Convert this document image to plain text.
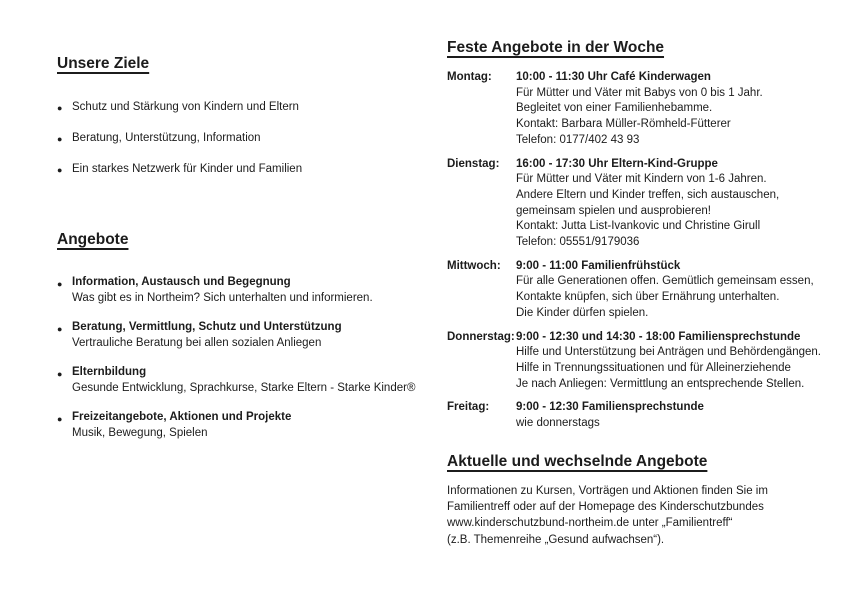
Unsere Ziele
● Schutz und Stärkung von Kindern und Eltern
● Beratung, Unterstützung, Information
● Ein starkes Netzwerk für Kinder und Familien
Angebote
● Information, Austausch und Begegnung
Was gibt es in Northeim? Sich unterhalten und informieren.
● Beratung, Vermittlung, Schutz und Unterstützung
Vertrauliche Beratung bei allen sozialen Anliegen
● Elternbildung
Gesunde Entwicklung, Sprachkurse, Starke Eltern - Starke Kinder®
● Freizeitangebote, Aktionen und Projekte
Musik, Bewegung, Spielen
Feste Angebote in der Woche
Montag:	10:00 - 11:30 Uhr Café Kinderwagen
Für Mütter und Väter mit Babys von 0 bis 1 Jahr.
Begleitet von einer Familienhebamme.
Kontakt: Barbara Müller-Römheld-Fütterer
Telefon: 0177/402 43 93
Dienstag:	16:00 - 17:30 Uhr Eltern-Kind-Gruppe
Für Mütter und Väter mit Kindern von 1-6 Jahren.
Andere Eltern und Kinder treffen, sich austauschen,
gemeinsam spielen und ausprobieren!
Kontakt: Jutta List-Ivankovic und Christine Girull
Telefon: 05551/9179036
Mittwoch:	9:00 - 11:00 Familienfrühstück
Für alle Generationen offen. Gemütlich gemeinsam essen,
Kontakte knüpfen, sich über Ernährung unterhalten.
Die Kinder dürfen spielen.
Donnerstag: 9:00 - 12:30 und 14:30 - 18:00 Familiensprechstunde
Hilfe und Unterstützung bei Anträgen und Behördengängen.
Hilfe in Trennungssituationen und für Alleinerziehende
Je nach Anliegen: Vermittlung an entsprechende Stellen.
Freitag:	9:00 - 12:30 Familiensprechstunde
wie donnerstags
Aktuelle und wechselnde Angebote
Informationen zu Kursen, Vorträgen und Aktionen finden Sie im
Familientreff oder auf der Homepage des Kinderschutzbundes
www.kinderschutzbund-northeim.de unter „Familientreff“
(z.B. Themenreihe „Gesund aufwachsen“).
